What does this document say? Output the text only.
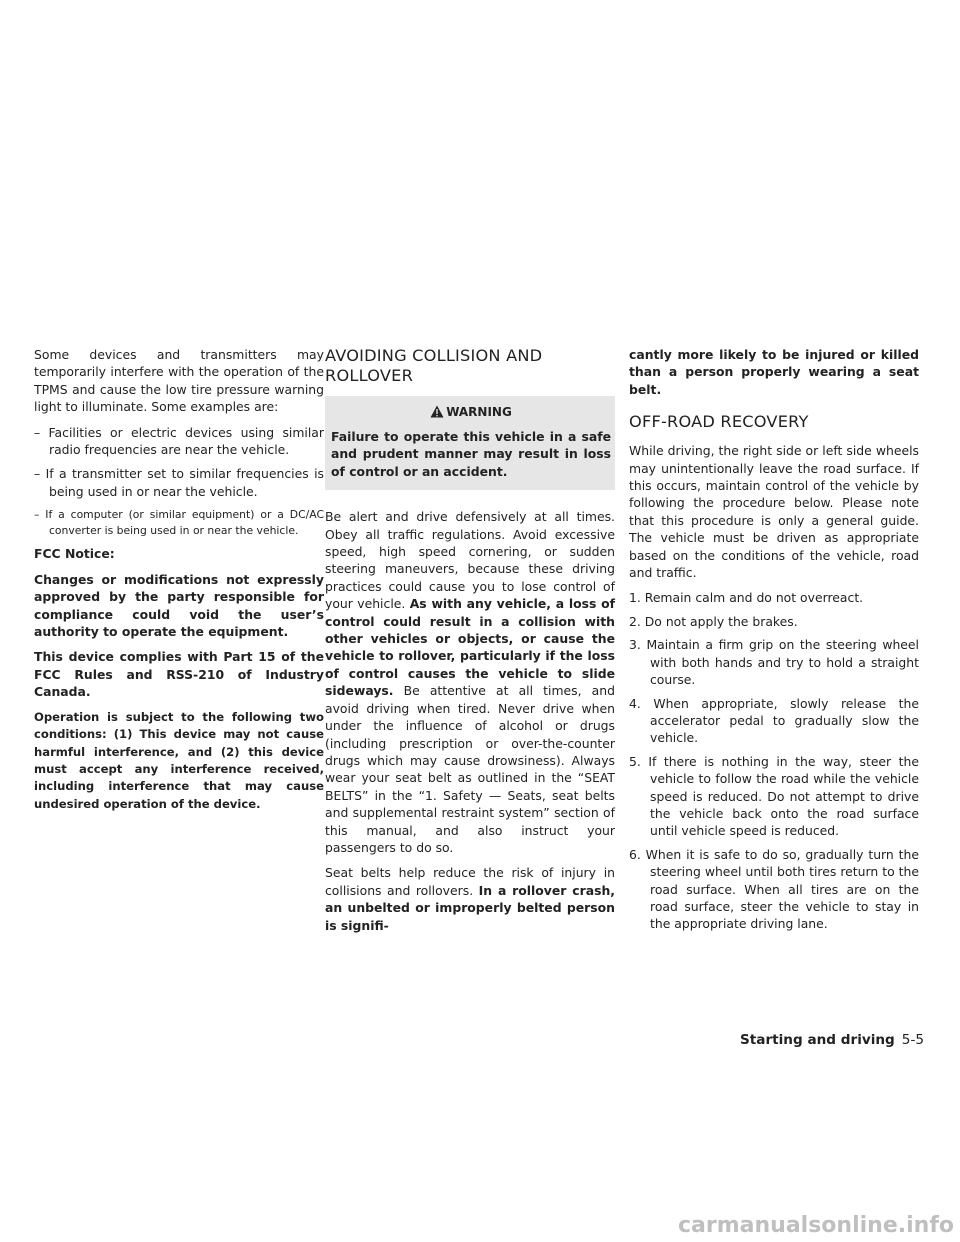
Some devices and transmitters may temporarily interfere with the operation of the TPMS and cause the low tire pressure warning light to illuminate. Some examples are:

– Facilities or electric devices using similar radio frequencies are near the vehicle.

– If a transmitter set to similar frequencies is being used in or near the vehicle.

– If a computer (or similar equipment) or a DC/AC converter is being used in or near the vehicle.

FCC Notice:

Changes or modifications not expressly approved by the party responsible for compliance could void the user’s authority to operate the equipment.

This device complies with Part 15 of the FCC Rules and RSS-210 of Industry Canada.

Operation is subject to the following two conditions: (1) This device may not cause harmful interference, and (2) this device must accept any interference received, including interference that may cause undesired operation of the device.

AVOIDING COLLISION AND ROLLOVER
WARNING

Failure to operate this vehicle in a safe and prudent manner may result in loss of control or an accident.

Be alert and drive defensively at all times. Obey all traffic regulations. Avoid excessive speed, high speed cornering, or sudden steering maneuvers, because these driving practices could cause you to lose control of your vehicle. As with any vehicle, a loss of control could result in a collision with other vehicles or objects, or cause the vehicle to rollover, particularly if the loss of control causes the vehicle to slide sideways. Be attentive at all times, and avoid driving when tired. Never drive when under the influence of alcohol or drugs (including prescription or over-the-counter drugs which may cause drowsiness). Always wear your seat belt as outlined in the “SEAT BELTS” in the “1. Safety — Seats, seat belts and supplemental restraint system” section of this manual, and also instruct your passengers to do so.

Seat belts help reduce the risk of injury in collisions and rollovers. In a rollover crash, an unbelted or improperly belted person is signifi-

cantly more likely to be injured or killed than a person properly wearing a seat belt.

OFF-ROAD RECOVERY

While driving, the right side or left side wheels may unintentionally leave the road surface. If this occurs, maintain control of the vehicle by following the procedure below. Please note that this procedure is only a general guide. The vehicle must be driven as appropriate based on the conditions of the vehicle, road and traffic.

1. Remain calm and do not overreact.

2. Do not apply the brakes.

3. Maintain a firm grip on the steering wheel with both hands and try to hold a straight course.

4. When appropriate, slowly release the accelerator pedal to gradually slow the vehicle.

5. If there is nothing in the way, steer the vehicle to follow the road while the vehicle speed is reduced. Do not attempt to drive the vehicle back onto the road surface until vehicle speed is reduced.

6. When it is safe to do so, gradually turn the steering wheel until both tires return to the road surface. When all tires are on the road surface, steer the vehicle to stay in the appropriate driving lane.

Starting and driving 5-5
carmanualsonline.info
